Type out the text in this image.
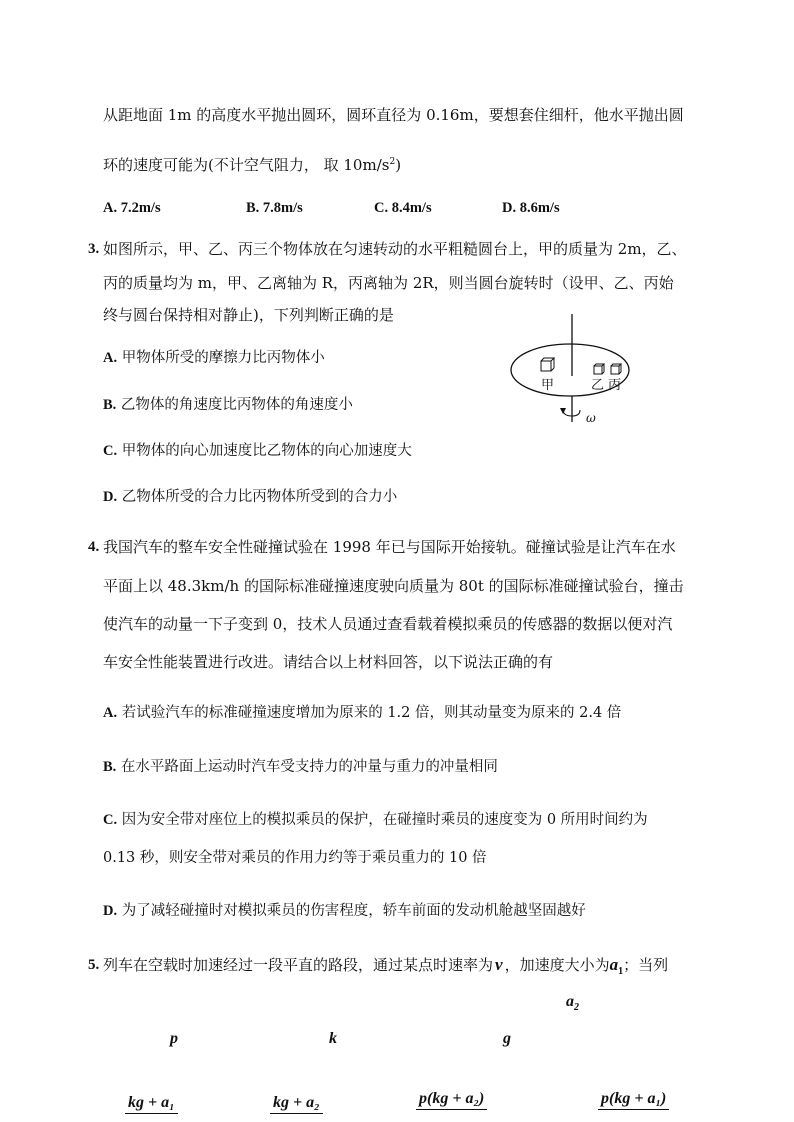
从距地面 1m 的高度水平抛出圆环，圆环直径为 0.16m，要想套住细杆，他水平抛出圆
环的速度可能为(不计空气阻力， 取 $10m/s^2$)
A. 7.2m/s	B. 7.8m/s	C. 8.4m/s	D. 8.6m/s
3. 如图所示，甲、乙、丙三个物体放在匀速转动的水平粗糙圆台上，甲的质量为 2m，乙、
丙的质量均为 m，甲、乙离轴为 R，丙离轴为 2R，则当圆台旋转时（设甲、乙、丙始
终与圆台保持相对静止)，下列判断正确的是
A. 甲物体所受的摩擦力比丙物体小
B. 乙物体的角速度比丙物体的角速度小
C. 甲物体的向心加速度比乙物体的向心加速度大
D. 乙物体所受的合力比丙物体所受到的合力小
甲	乙 丙
ω
4. 我国汽车的整车安全性碰撞试验在 1998 年已与国际开始接轨。碰撞试验是让汽车在水
平面上以 48.3km/h 的国际标准碰撞速度驶向质量为 80t 的国际标准碰撞试验台，撞击
使汽车的动量一下子变到 0，技术人员通过查看载着模拟乘员的传感器的数据以便对汽
车安全性能装置进行改进。请结合以上材料回答，以下说法正确的有
A. 若试验汽车的标准碰撞速度增加为原来的 1.2 倍，则其动量变为原来的 2.4 倍
B. 在水平路面上运动时汽车受支持力的冲量与重力的冲量相同
C. 因为安全带对座位上的模拟乘员的保护，在碰撞时乘员的速度变为 0 所用时间约为
0.13 秒，则安全带对乘员的作用力约等于乘员重力的 10 倍
D. 为了减轻碰撞时对模拟乘员的伤害程度，轿车前面的发动机舱越坚固越好
5. 列车在空载时加速经过一段平直的路段，通过某点时速率为 v ，加速度大小为$a_1$；当列
$a_2$
p	k	g
kg + a₁	kg + a₂	p(kg + a₂)	p(kg + a₁)
